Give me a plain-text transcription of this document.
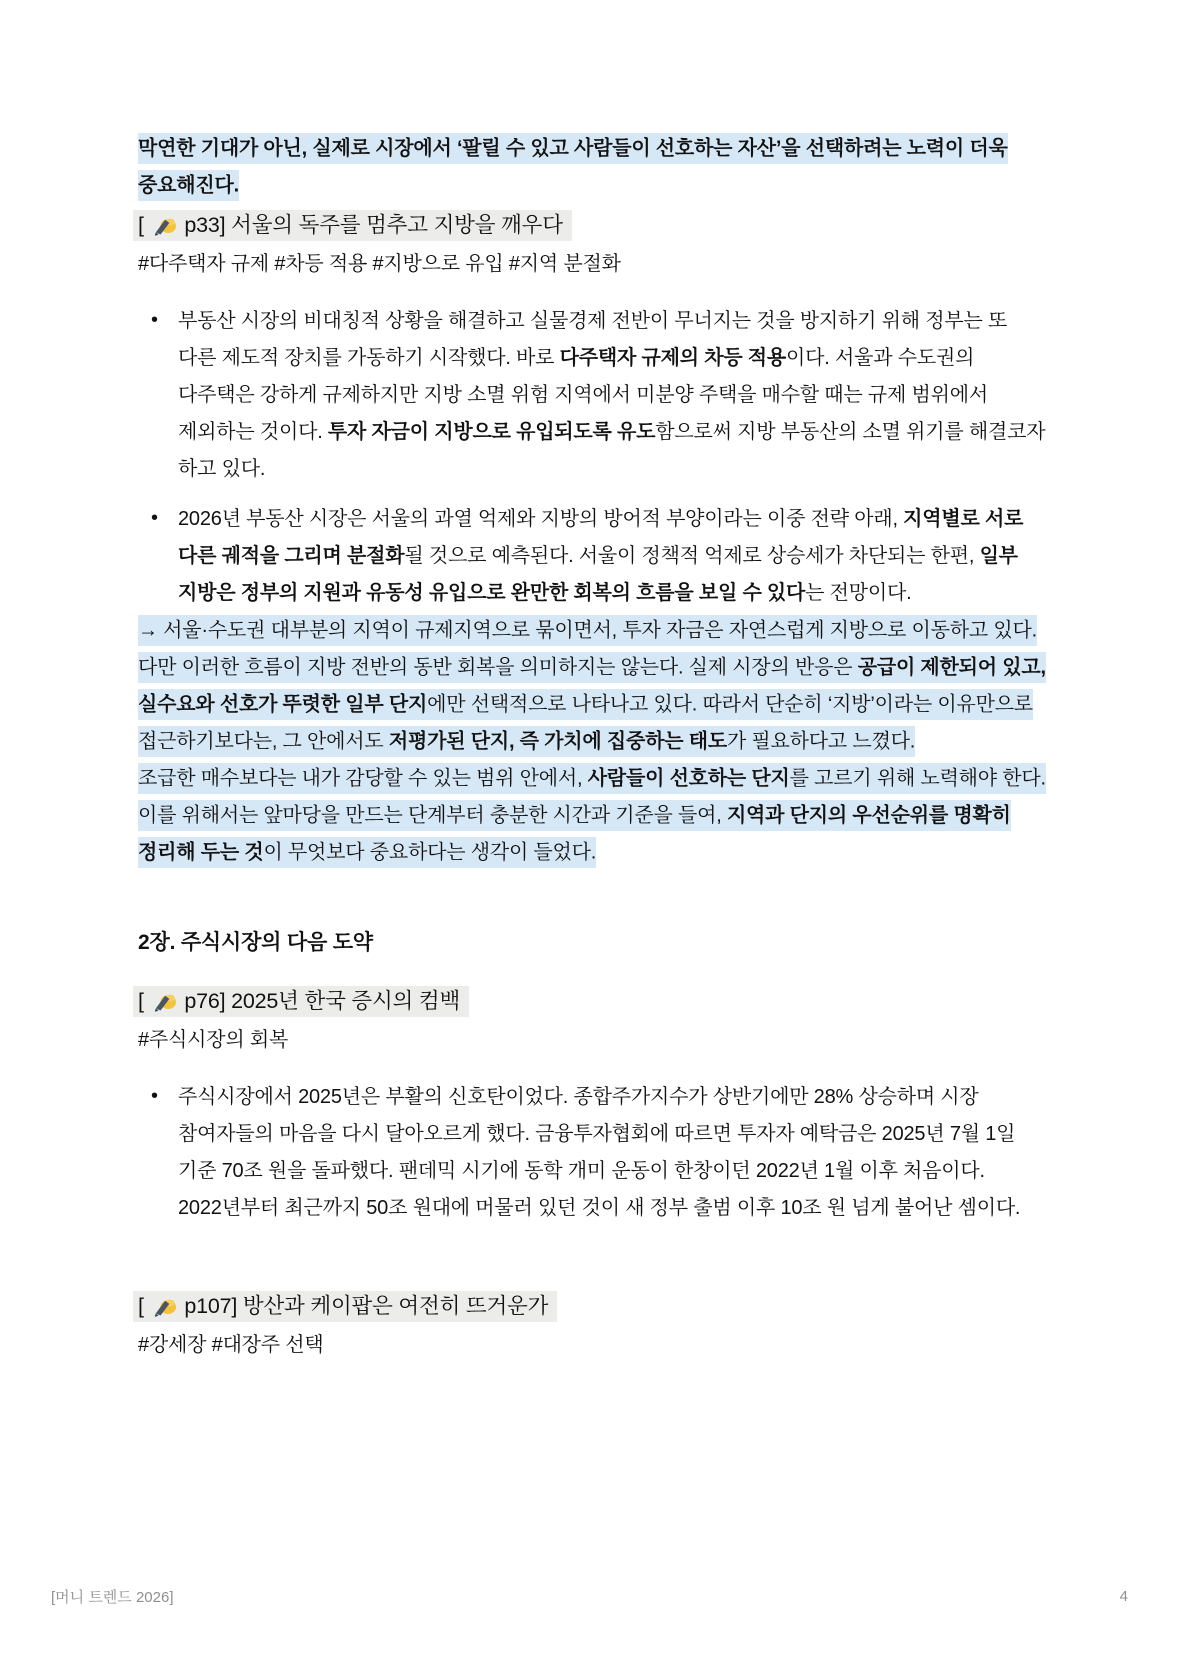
막연한 기대가 아닌, 실제로 시장에서 ‘팔릴 수 있고 사람들이 선호하는 자산’을 선택하려는 노력이 더욱 중요해진다.

[  p33] 서울의 독주를 멈추고 지방을 깨우다

#다주택자 규제 #차등 적용 #지방으로 유입 #지역 분절화

• 부동산 시장의 비대칭적 상황을 해결하고 실물경제 전반이 무너지는 것을 방지하기 위해 정부는 또 다른 제도적 장치를 가동하기 시작했다. 바로 다주택자 규제의 차등 적용이다. 서울과 수도권의 다주택은 강하게 규제하지만 지방 소멸 위험 지역에서 미분양 주택을 매수할 때는 규제 범위에서 제외하는 것이다. 투자 자금이 지방으로 유입되도록 유도함으로써 지방 부동산의 소멸 위기를 해결코자 하고 있다.
• 2026년 부동산 시장은 서울의 과열 억제와 지방의 방어적 부양이라는 이중 전략 아래, 지역별로 서로 다른 궤적을 그리며 분절화될 것으로 예측된다. 서울이 정책적 억제로 상승세가 차단되는 한편, 일부 지방은 정부의 지원과 유동성 유입으로 완만한 회복의 흐름을 보일 수 있다는 전망이다.

→ 서울·수도권 대부분의 지역이 규제지역으로 묶이면서, 투자 자금은 자연스럽게 지방으로 이동하고 있다. 다만 이러한 흐름이 지방 전반의 동반 회복을 의미하지는 않는다. 실제 시장의 반응은 공급이 제한되어 있고, 실수요와 선호가 뚜렷한 일부 단지에만 선택적으로 나타나고 있다. 따라서 단순히 ‘지방’이라는 이유만으로 접근하기보다는, 그 안에서도 저평가된 단지, 즉 가치에 집중하는 태도가 필요하다고 느꼈다.

조급한 매수보다는 내가 감당할 수 있는 범위 안에서, 사람들이 선호하는 단지를 고르기 위해 노력해야 한다. 이를 위해서는 앞마당을 만드는 단계부터 충분한 시간과 기준을 들여, 지역과 단지의 우선순위를 명확히 정리해 두는 것이 무엇보다 중요하다는 생각이 들었다.

2장. 주식시장의 다음 도약

[  p76] 2025년 한국 증시의 컴백

#주식시장의 회복

• 주식시장에서 2025년은 부활의 신호탄이었다. 종합주가지수가 상반기에만 28% 상승하며 시장 참여자들의 마음을 다시 달아오르게 했다. 금융투자협회에 따르면 투자자 예탁금은 2025년 7월 1일 기준 70조 원을 돌파했다. 팬데믹 시기에 동학 개미 운동이 한창이던 2022년 1월 이후 처음이다. 2022년부터 최근까지 50조 원대에 머물러 있던 것이 새 정부 출범 이후 10조 원 넘게 불어난 셈이다.

[  p107] 방산과 케이팝은 여전히 뜨거운가

#강세장 #대장주 선택

[머니 트렌드 2026]	4
